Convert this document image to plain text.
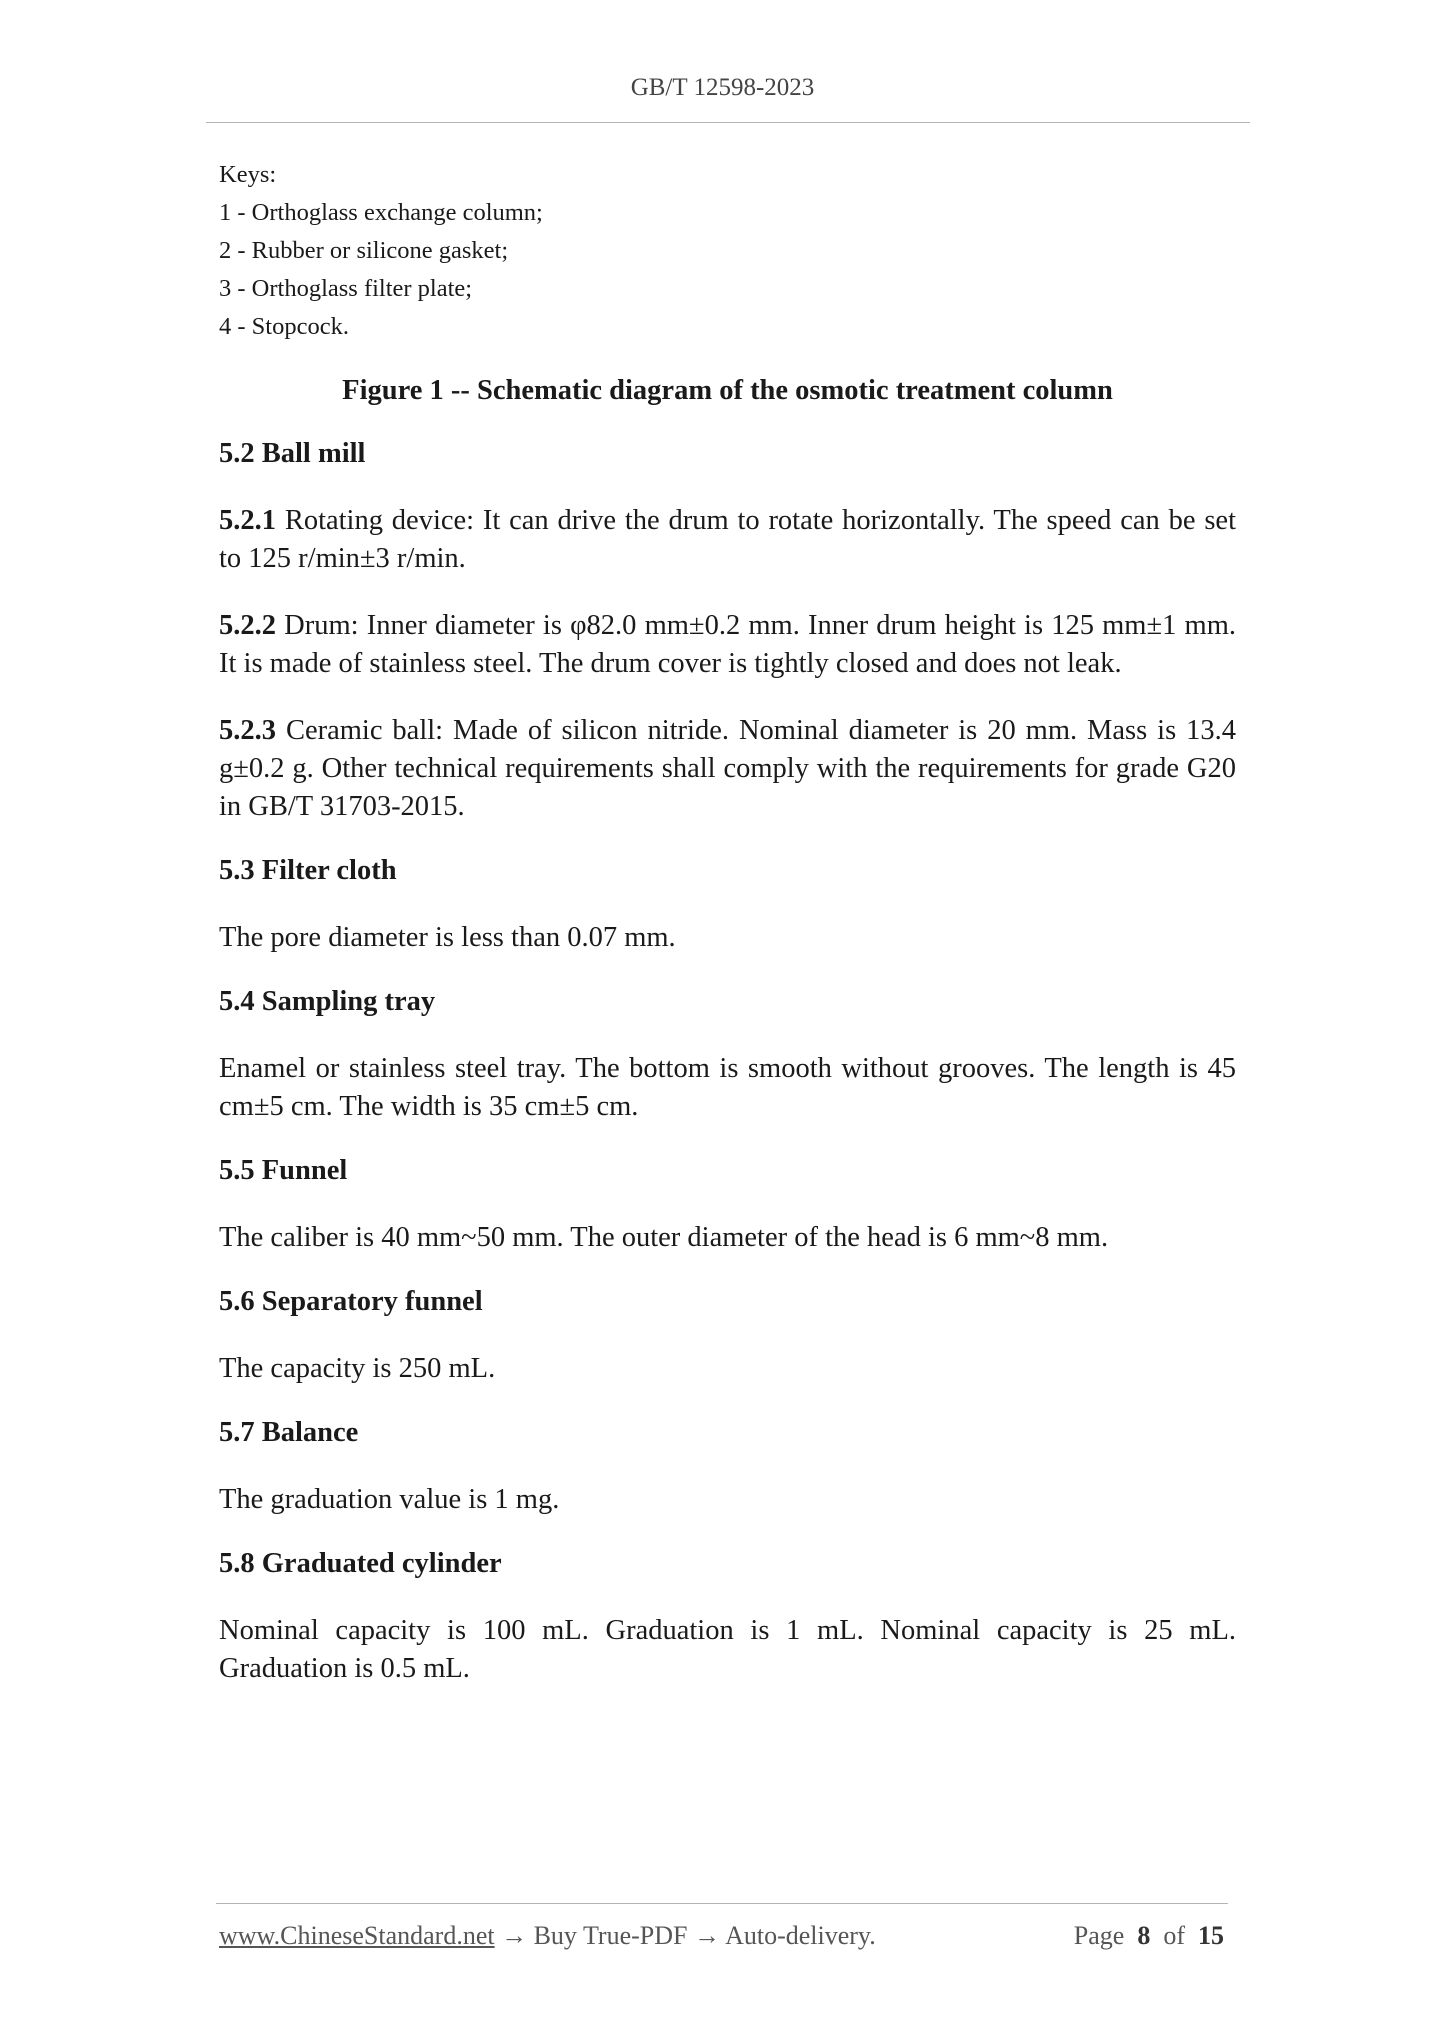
GB/T 12598-2023
Keys:
1 - Orthoglass exchange column;
2 - Rubber or silicone gasket;
3 - Orthoglass filter plate;
4 - Stopcock.
Figure 1 -- Schematic diagram of the osmotic treatment column
5.2 Ball mill
5.2.1 Rotating device: It can drive the drum to rotate horizontally. The speed can be set to 125 r/min±3 r/min.
5.2.2 Drum: Inner diameter is φ82.0 mm±0.2 mm. Inner drum height is 125 mm±1 mm. It is made of stainless steel. The drum cover is tightly closed and does not leak.
5.2.3 Ceramic ball: Made of silicon nitride. Nominal diameter is 20 mm. Mass is 13.4 g±0.2 g. Other technical requirements shall comply with the requirements for grade G20 in GB/T 31703-2015.
5.3 Filter cloth
The pore diameter is less than 0.07 mm.
5.4 Sampling tray
Enamel or stainless steel tray. The bottom is smooth without grooves. The length is 45 cm±5 cm. The width is 35 cm±5 cm.
5.5 Funnel
The caliber is 40 mm~50 mm. The outer diameter of the head is 6 mm~8 mm.
5.6 Separatory funnel
The capacity is 250 mL.
5.7 Balance
The graduation value is 1 mg.
5.8 Graduated cylinder
Nominal capacity is 100 mL. Graduation is 1 mL. Nominal capacity is 25 mL. Graduation is 0.5 mL.
www.ChineseStandard.net → Buy True-PDF → Auto-delivery.	Page 8 of 15
